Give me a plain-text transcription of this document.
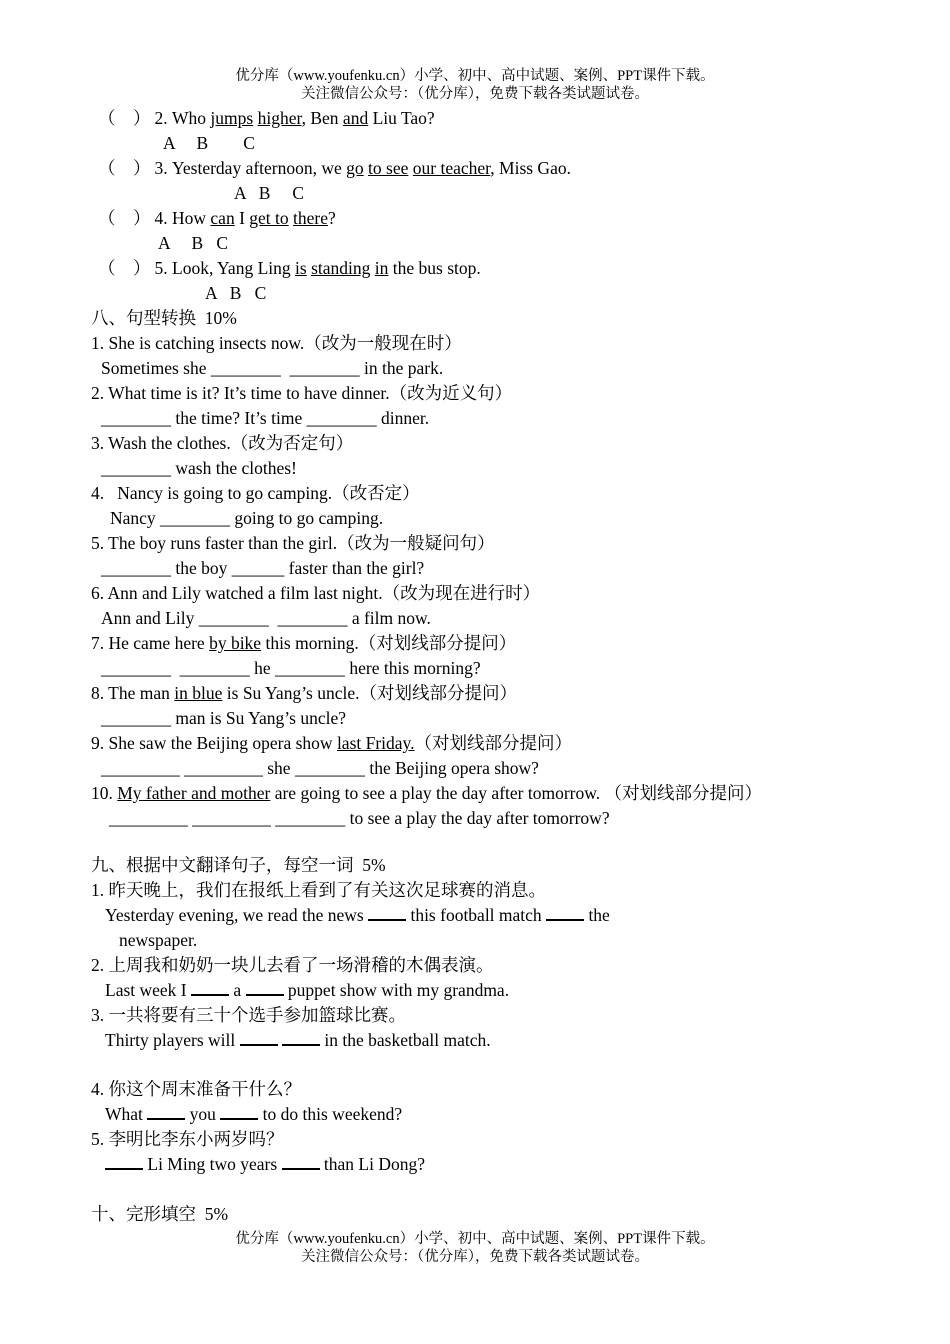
优分库（www.youfenku.cn）小学、初中、高中试题、案例、PPT课件下载。
关注微信公众号：（优分库），免费下载各类试题试卷。
（    ） 2. Who jumps higher, Ben and Liu Tao?
A     B        C
（    ） 3. Yesterday afternoon, we go to see our teacher, Miss Gao.
A   B     C
（    ） 4. How can I get to there?
A     B   C
（    ） 5. Look, Yang Ling is standing in the bus stop.
A   B   C
八、句型转换  10%
1. She is catching insects now.（改为一般现在时）
Sometimes she ________  ________ in the park.
2. What time is it? It’s time to have dinner.（改为近义句）
________ the time? It’s time ________ dinner.
3. Wash the clothes.（改为否定句）
________ wash the clothes!
4.   Nancy is going to go camping.（改否定）
Nancy ________ going to go camping.
5. The boy runs faster than the girl.（改为一般疑问句）
________ the boy ______ faster than the girl?
6. Ann and Lily watched a film last night.（改为现在进行时）
Ann and Lily ________  ________ a film now.
7. He came here by bike this morning.（对划线部分提问）
________  ________ he ________ here this morning?
8. The man in blue is Su Yang’s uncle.（对划线部分提问）
________ man is Su Yang’s uncle?
9. She saw the Beijing opera show last Friday.（对划线部分提问）
_________ _________ she ________ the Beijing opera show?
10. My father and mother are going to see a play the day after tomorrow. （对划线部分提问）
_________ _________ ________ to see a play the day after tomorrow?
九、根据中文翻译句子，每空一词  5%
1. 昨天晚上，我们在报纸上看到了有关这次足球赛的消息。
Yesterday evening, we read the news  this football match  the
newspaper.
2. 上周我和奶奶一块儿去看了一场滑稽的木偶表演。
Last week I  a  puppet show with my grandma.
3. 一共将要有三十个选手参加篮球比赛。
Thirty players will	in the basketball match.
4. 你这个周末准备干什么？
What  you  to do this weekend?
5. 李明比李东小两岁吗？
Li Ming two years  than Li Dong?
十、完形填空  5%
优分库（www.youfenku.cn）小学、初中、高中试题、案例、PPT课件下载。
关注微信公众号：（优分库），免费下载各类试题试卷。
